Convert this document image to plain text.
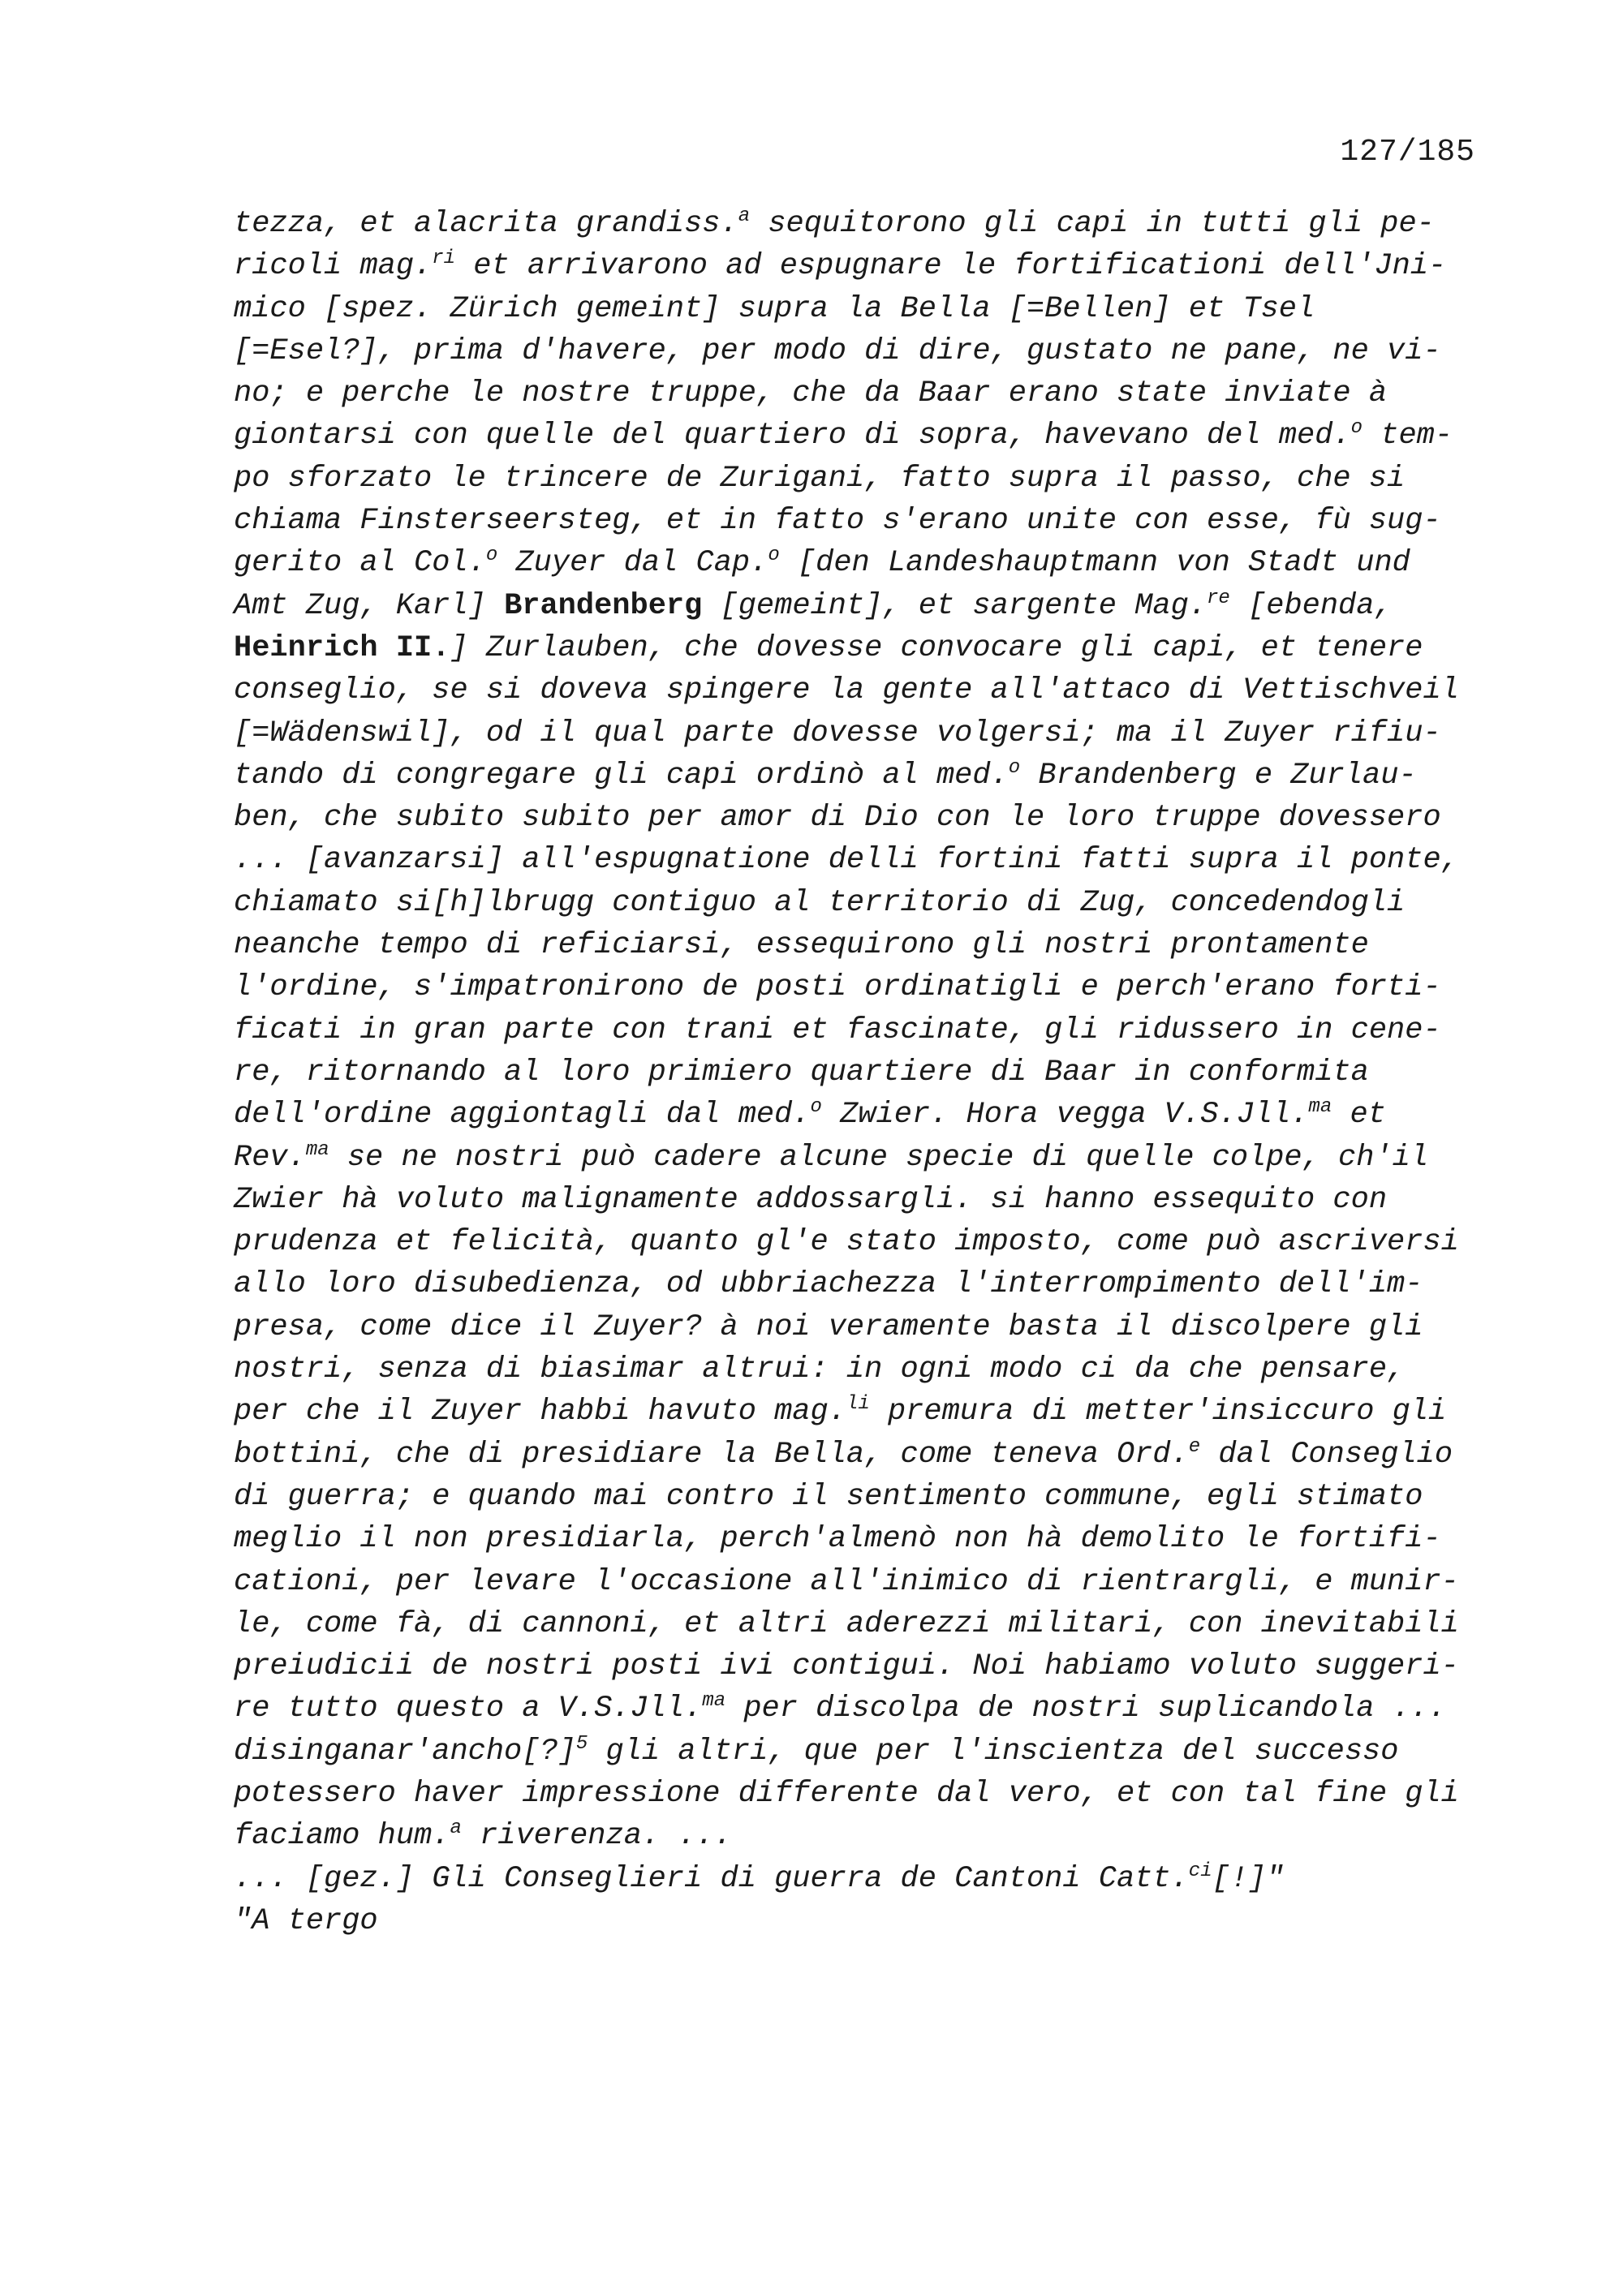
127/185
tezza, et alacrita grandiss.$^a$ sequitorono gli capi in tutti gli pe-
ricoli mag.$^{ri}$ et arrivarono ad espugnare le fortificationi dell'Jni-
mico [spez. Zürich gemeint] supra la Bella [=Bellen] et Tsel
[=Esel?], prima d'havere, per modo di dire, gustato ne pane, ne vi-
no; e perche le nostre truppe, che da Baar erano state inviate à
giontarsi con quelle del quartiero di sopra, havevano del med.$^o$ tem-
po sforzato le trincere de Zurigani, fatto supra il passo, che si
chiama Finsterseersteg, et in fatto s'erano unite con esse, fù sug-
gerito al Col.$^o$ Zuyer dal Cap.$^o$ [den Landeshauptmann von Stadt und
Amt Zug, Karl] Brandenberg [gemeint], et sargente Mag.$^{re}$ [ebenda,
Heinrich II.] Zurlauben, che dovesse convocare gli capi, et tenere
conseglio, se si doveva spingere la gente all'attaco di Vettischveil
[=Wädenswil], od il qual parte dovesse volgersi; ma il Zuyer rifiu-
tando di congregare gli capi ordinò al med.$^o$ Brandenberg e Zurlau-
ben, che subito subito per amor di Dio con le loro truppe dovessero
... [avanzarsi] all'espugnatione delli fortini fatti supra il ponte,
chiamato si[h]lbrugg contiguo al territorio di Zug, concedendogli
neanche tempo di reficiarsi, essequirono gli nostri prontamente
l'ordine, s'impatronirono de posti ordinatigli e perch'erano forti-
ficati in gran parte con trani et fascinate, gli ridussero in cene-
re, ritornando al loro primiero quartiere di Baar in conformita
dell'ordine aggiontagli dal med.$^o$ Zwier. Hora vegga V.S.Jll.$^{ma}$ et
Rev.$^{ma}$ se ne nostri può cadere alcune specie di quelle colpe, ch'il
Zwier hà voluto malignamente addossargli. si hanno essequito con
prudenza et felicità, quanto gl'e stato imposto, come può ascriversi
allo loro disubedienza, od ubbriachezza l'interrompimento dell'im-
presa, come dice il Zuyer? à noi veramente basta il discolpere gli
nostri, senza di biasimar altrui: in ogni modo ci da che pensare,
per che il Zuyer habbi havuto mag.$^{li}$ premura di metter'insiccuro gli
bottini, che di presidiare la Bella, come teneva Ord.$^e$ dal Conseglio
di guerra; e quando mai contro il sentimento commune, egli stimato
meglio il non presidiarla, perch'almenò non hà demolito le fortifi-
cationi, per levare l'occasione all'inimico di rientrargli, e munir-
le, come fà, di cannoni, et altri aderezzi militari, con inevitabili
preiudicii de nostri posti ivi contigui. Noi habiamo voluto suggeri-
re tutto questo a V.S.Jll.$^{ma}$ per discolpa de nostri suplicandola ...
disinganar'ancho[?]$^5$ gli altri, que per l'inscientza del successo
potessero haver impressione differente dal vero, et con tal fine gli
faciamo hum.$^a$ riverenza. ...
... [gez.] Gli Conseglieri di guerra de Cantoni Catt.$^{ci}$[!]"
"A tergo
